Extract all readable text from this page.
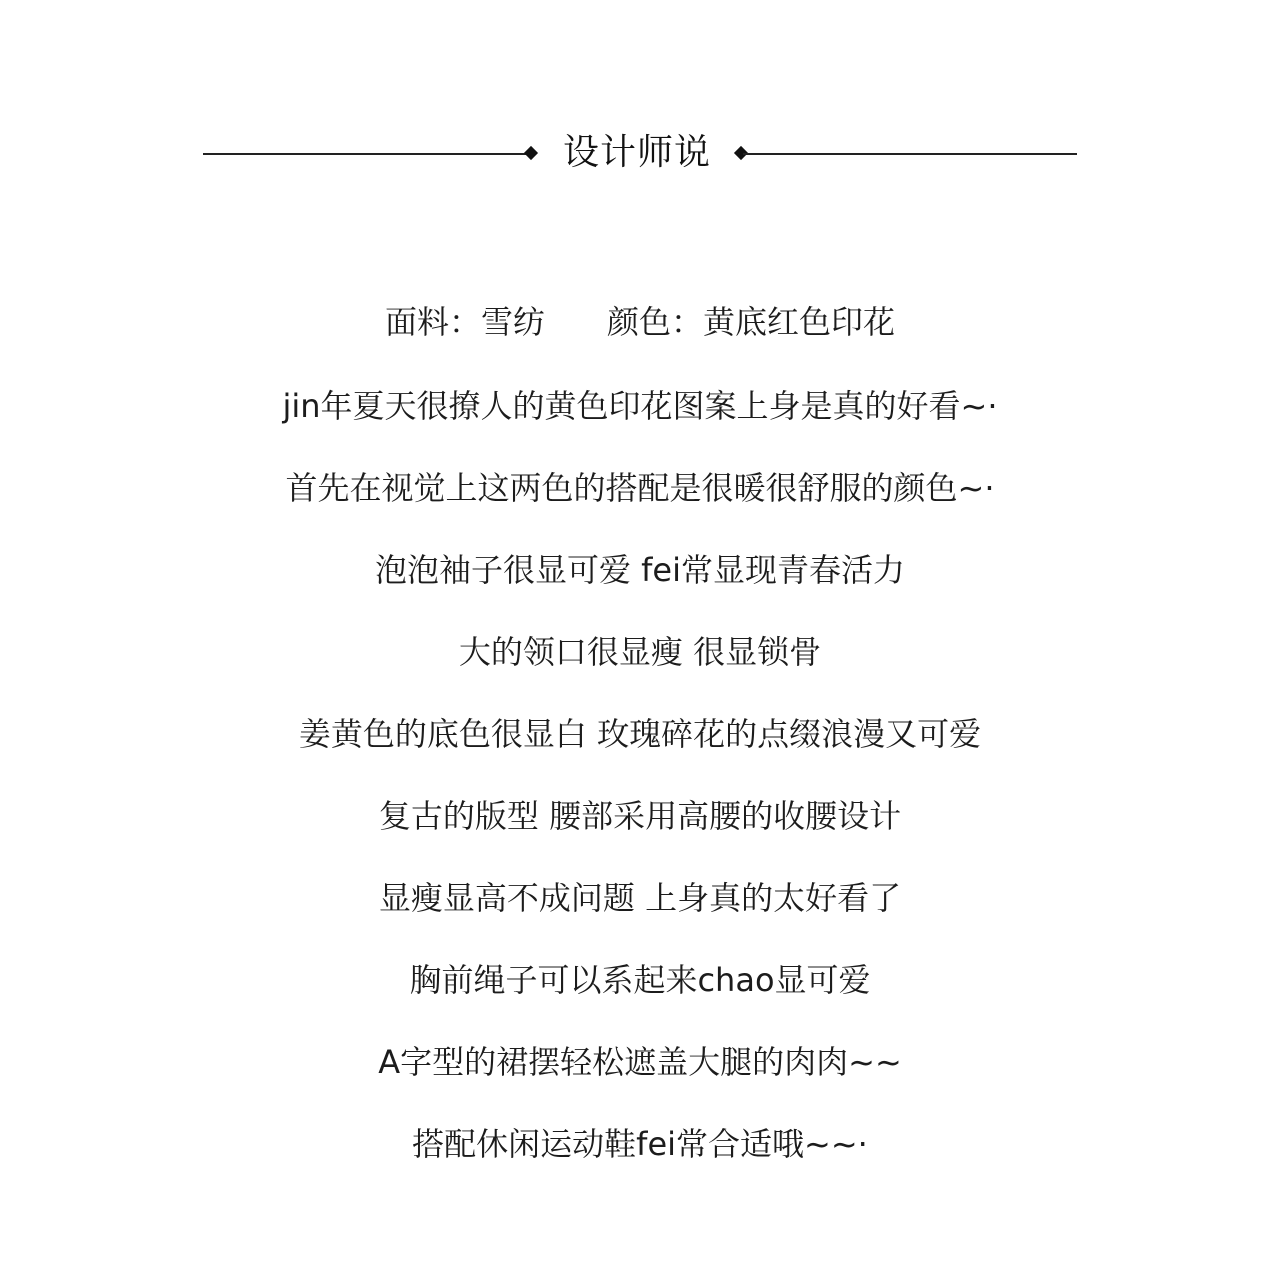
设计师说
面料：雪纺 颜色：黄底红色印花
jin年夏天很撩人的黄色印花图案上身是真的好看~·
首先在视觉上这两色的搭配是很暖很舒服的颜色~·
泡泡袖子很显可爱 fei常显现青春活力
大的领口很显瘦 很显锁骨
姜黄色的底色很显白 玫瑰碎花的点缀浪漫又可爱
复古的版型 腰部采用高腰的收腰设计
显瘦显高不成问题 上身真的太好看了
胸前绳子可以系起来chao显可爱
A字型的裙摆轻松遮盖大腿的肉肉~~
搭配休闲运动鞋fei常合适哦~~·
